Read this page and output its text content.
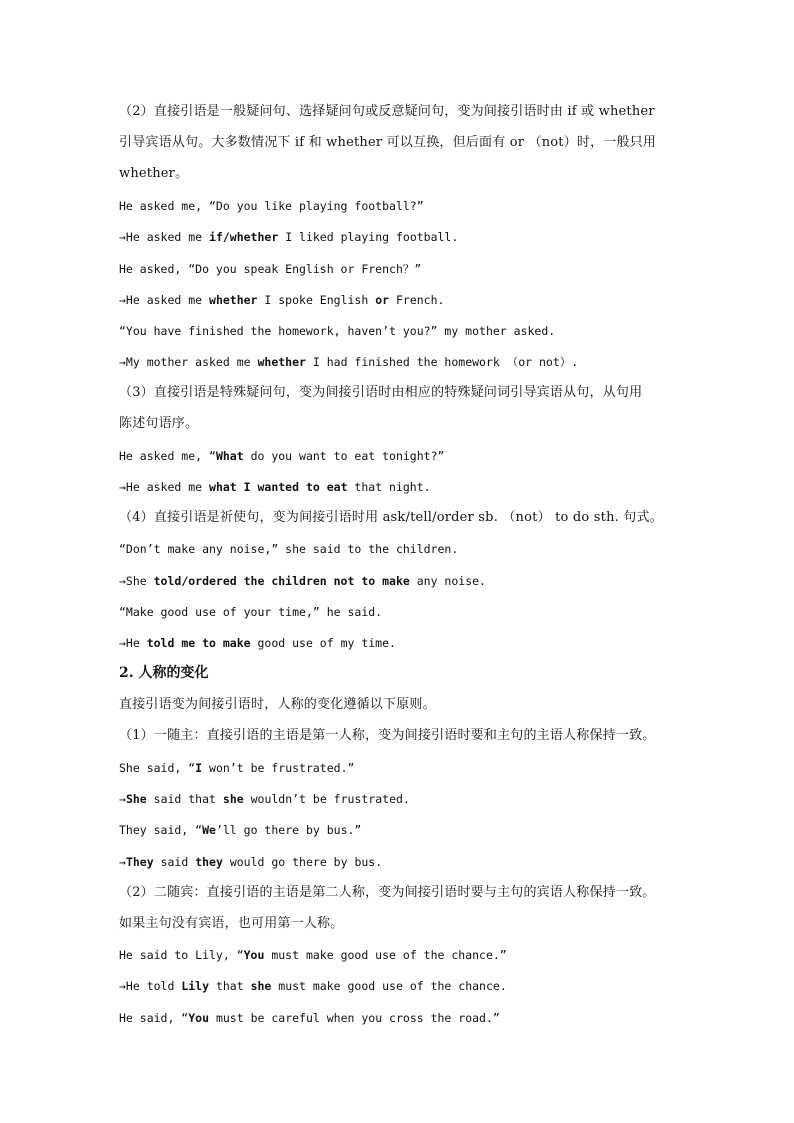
（2）直接引语是一般疑问句、选择疑问句或反意疑问句，变为间接引语时由 if 或 whether
引导宾语从句。大多数情况下 if 和 whether 可以互换，但后面有 or （not）时，一般只用
whether。
He asked me, “Do you like playing football?”
→He asked me if/whether I liked playing football.
He asked, “Do you speak English or French？”
→He asked me whether I spoke English or French.
“You have finished the homework, haven’t you?” my mother asked.
→My mother asked me whether I had finished the homework （or not）.
（3）直接引语是特殊疑问句，变为间接引语时由相应的特殊疑问词引导宾语从句，从句用
陈述句语序。
He asked me, “What do you want to eat tonight?”
→He asked me what I wanted to eat that night.
（4）直接引语是祈使句，变为间接引语时用 ask/tell/order sb. （not） to do sth. 句式。
“Don’t make any noise,” she said to the children.
→She told/ordered the children not to make any noise.
“Make good use of your time,” he said.
→He told me to make good use of my time.
2. 人称的变化
直接引语变为间接引语时，人称的变化遵循以下原则。
（1）一随主：直接引语的主语是第一人称，变为间接引语时要和主句的主语人称保持一致。
She said, “I won’t be frustrated.”
→She said that she wouldn’t be frustrated.
They said, “We’ll go there by bus.”
→They said they would go there by bus.
（2）二随宾：直接引语的主语是第二人称，变为间接引语时要与主句的宾语人称保持一致。
如果主句没有宾语，也可用第一人称。
He said to Lily, “You must make good use of the chance.”
→He told Lily that she must make good use of the chance.
He said, “You must be careful when you cross the road.”
